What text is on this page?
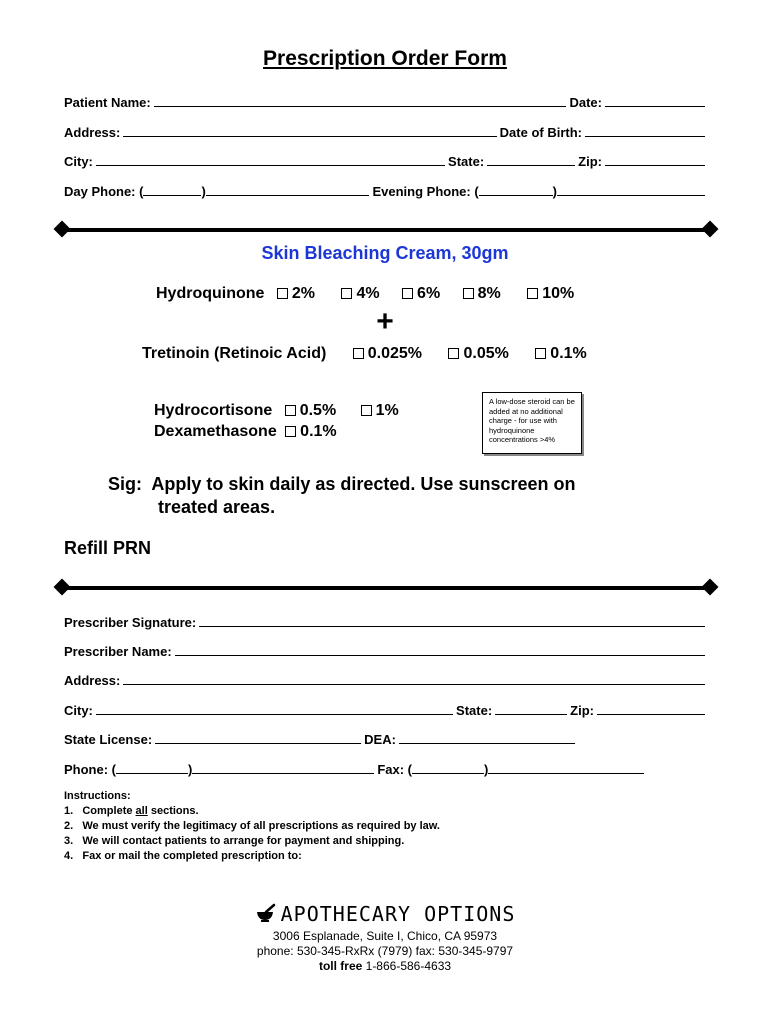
Prescription Order Form
Patient Name:	Date:
Address:	Date of Birth:
City:	State:	Zip:
Day Phone: (	)	Evening Phone: (	)
Skin Bleaching Cream, 30gm
Hydroquinone 2%	4% 6% 8%	10%
+
Tretinoin (Retinoic Acid)	0.025%	0.05%	0.1%
Hydrocortisone 0.5% 1%
Dexamethasone 0.1%
A low-dose steroid can be added at no additional charge - for use with hydroquinone concentrations >4%
Sig: Apply to skin daily as directed. Use sunscreen on
treated areas.
Refill PRN
Prescriber Signature:
Prescriber Name:
Address:
City:	State:	Zip:
State License:	DEA:
Phone: (	)	Fax: (	)
Instructions:
1. Complete all sections.
2. We must verify the legitimacy of all prescriptions as required by law.
3. We will contact patients to arrange for payment and shipping.
4. Fax or mail the completed prescription to:
APOTHECARY OPTIONS
3006 Esplanade, Suite I, Chico, CA 95973
phone: 530-345-RxRx (7979) fax: 530-345-9797
toll free 1-866-586-4633
